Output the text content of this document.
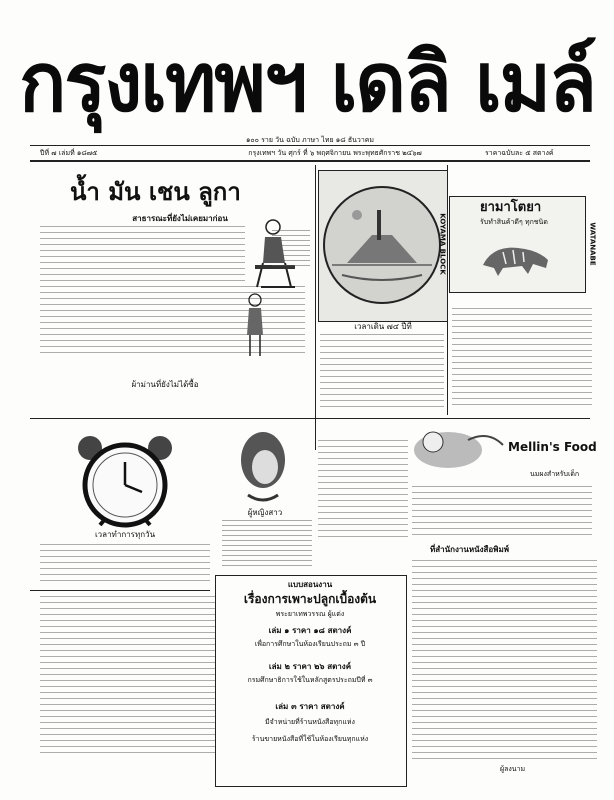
กรุงเทพฯ เดลิ เมล์
๑๐๐ ราย วัน ฉบับ ภาษา ไทย ๑๘ ธันวาคม
ปีที่ ๗ เล่มที่ ๑๘๗๕	กรุงเทพฯ วัน ศุกร์ ที่ ๖ พฤศจิกายน พระพุทธศักราช ๒๔๖๗	ราคาฉบับละ ๕ สตางค์
น้ำ มัน เชน ลูกา
สาธารณะที่ยังไม่เคยมาก่อน
ผ้าม่านที่ยังไม่ได้ซื้อ
เวลาเดิน ๗๔ ปีที่
ยามาโตยา
รับทำสินค้าดีๆ ทุกชนิด
KOYAMA BLOCK	WATANABE
เวลาทำการทุกวัน
ผู้หญิงสาว
Mellin's Food
นมผงสำหรับเด็ก
แบบสอนงาน
เรื่องการเพาะปลูกเบื้องต้น
พระยาเทพวรรณ ผู้แต่ง
เล่ม ๑ ราคา ๑๘ สตางค์
เพื่อการศึกษาในห้องเรียนประถม ๓ ปี
เล่ม ๒ ราคา ๒๖ สตางค์
กรมศึกษาธิการใช้ในหลักสูตรประถมปีที่ ๓
เล่ม ๓ ราคา สตางค์
มีจำหน่ายที่ร้านหนังสือทุกแห่ง
ร้านขายหนังสือที่ใช้ในห้องเรียนทุกแห่ง
ที่สำนักงานหนังสือพิมพ์
ผู้ลงนาม
